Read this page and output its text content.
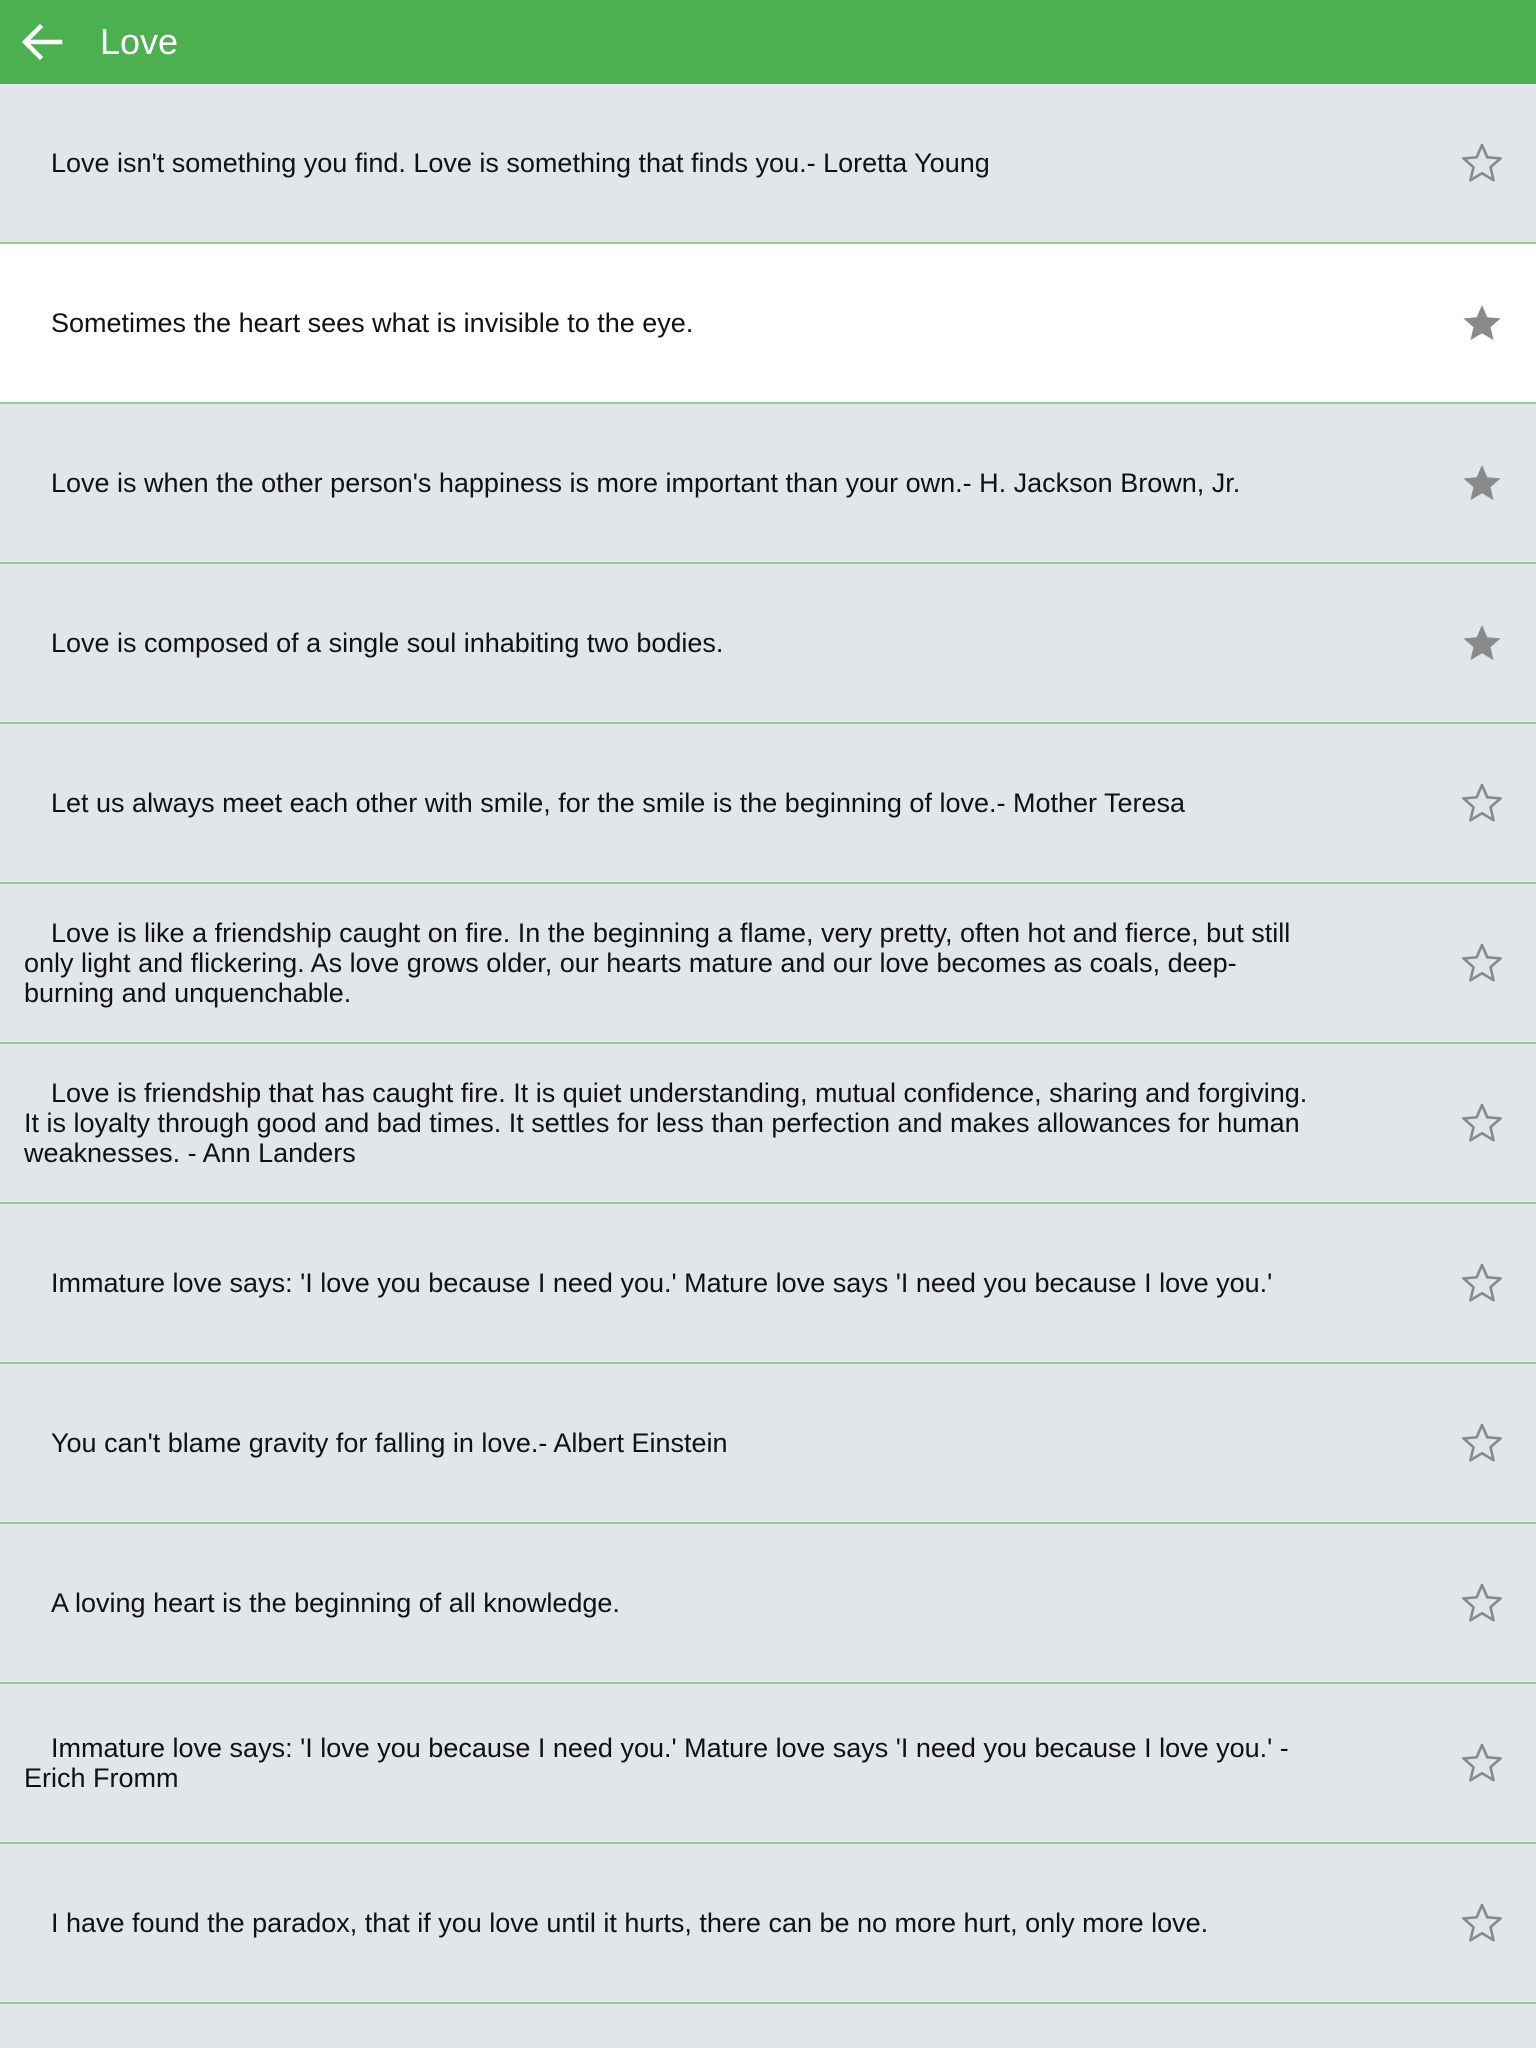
Love
Love isn't something you find. Love is something that finds you.- Loretta Young
Sometimes the heart sees what is invisible to the eye.
Love is when the other person's happiness is more important than your own.- H. Jackson Brown, Jr.
Love is composed of a single soul inhabiting two bodies.
Let us always meet each other with smile, for the smile is the beginning of love.- Mother Teresa
Love is like a friendship caught on fire. In the beginning a flame, very pretty, often hot and fierce, but still only light and flickering. As love grows older, our hearts mature and our love becomes as coals, deep-burning and unquenchable.
Love is friendship that has caught fire. It is quiet understanding, mutual confidence, sharing and forgiving. It is loyalty through good and bad times. It settles for less than perfection and makes allowances for human weaknesses. - Ann Landers
Immature love says: 'I love you because I need you.' Mature love says 'I need you because I love you.'
You can't blame gravity for falling in love.- Albert Einstein
A loving heart is the beginning of all knowledge.
Immature love says: 'I love you because I need you.' Mature love says 'I need you because I love you.' - Erich Fromm
I have found the paradox, that if you love until it hurts, there can be no more hurt, only more love.
